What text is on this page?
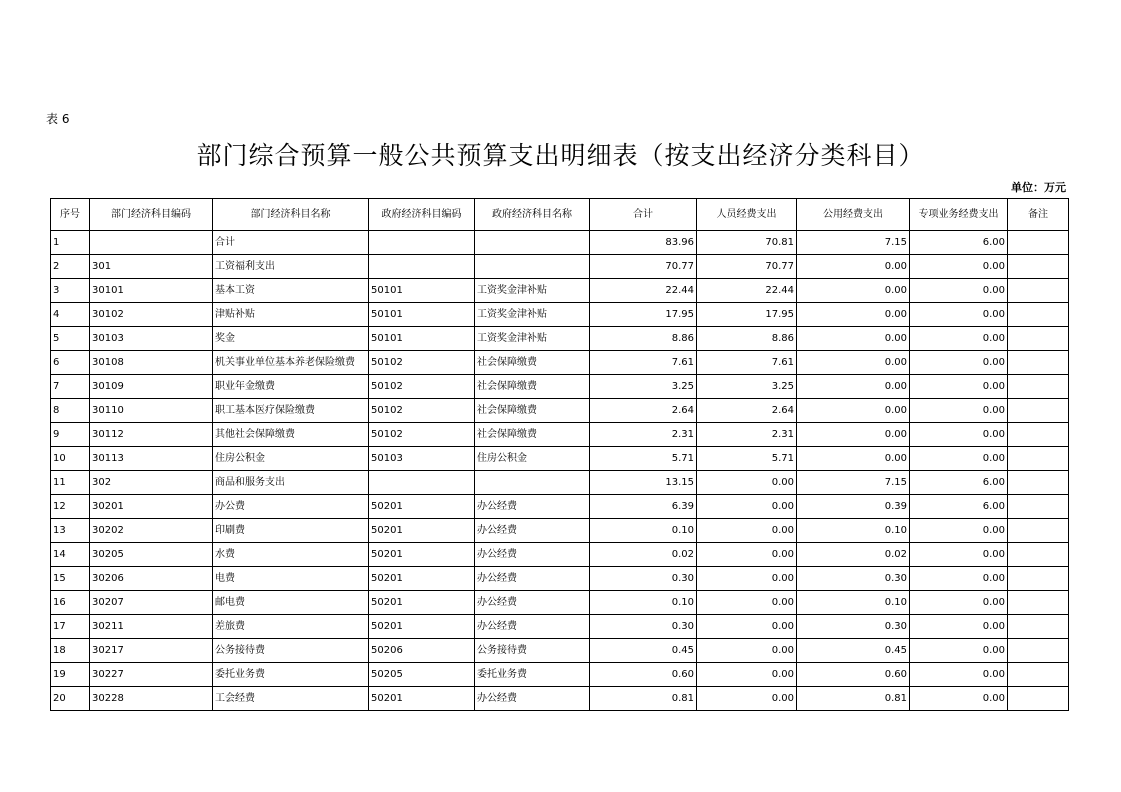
表 6
部门综合预算一般公共预算支出明细表（按支出经济分类科目）
单位：万元
序号	部门经济科目编码	部门经济科目名称	政府经济科目编码	政府经济科目名称	合计	人员经费支出	公用经费支出	专项业务经费支出	备注
1		合计			83.96	70.81	7.15	6.00	
2	301	工资福利支出			70.77	70.77	0.00	0.00	
3	30101	基本工资	50101	工资奖金津补贴	22.44	22.44	0.00	0.00	
4	30102	津贴补贴	50101	工资奖金津补贴	17.95	17.95	0.00	0.00	
5	30103	奖金	50101	工资奖金津补贴	8.86	8.86	0.00	0.00	
6	30108	机关事业单位基本养老保险缴费	50102	社会保障缴费	7.61	7.61	0.00	0.00	
7	30109	职业年金缴费	50102	社会保障缴费	3.25	3.25	0.00	0.00	
8	30110	职工基本医疗保险缴费	50102	社会保障缴费	2.64	2.64	0.00	0.00	
9	30112	其他社会保障缴费	50102	社会保障缴费	2.31	2.31	0.00	0.00	
10	30113	住房公积金	50103	住房公积金	5.71	5.71	0.00	0.00	
11	302	商品和服务支出			13.15	0.00	7.15	6.00	
12	30201	办公费	50201	办公经费	6.39	0.00	0.39	6.00	
13	30202	印刷费	50201	办公经费	0.10	0.00	0.10	0.00	
14	30205	水费	50201	办公经费	0.02	0.00	0.02	0.00	
15	30206	电费	50201	办公经费	0.30	0.00	0.30	0.00	
16	30207	邮电费	50201	办公经费	0.10	0.00	0.10	0.00	
17	30211	差旅费	50201	办公经费	0.30	0.00	0.30	0.00	
18	30217	公务接待费	50206	公务接待费	0.45	0.00	0.45	0.00	
19	30227	委托业务费	50205	委托业务费	0.60	0.00	0.60	0.00	
20	30228	工会经费	50201	办公经费	0.81	0.00	0.81	0.00	
